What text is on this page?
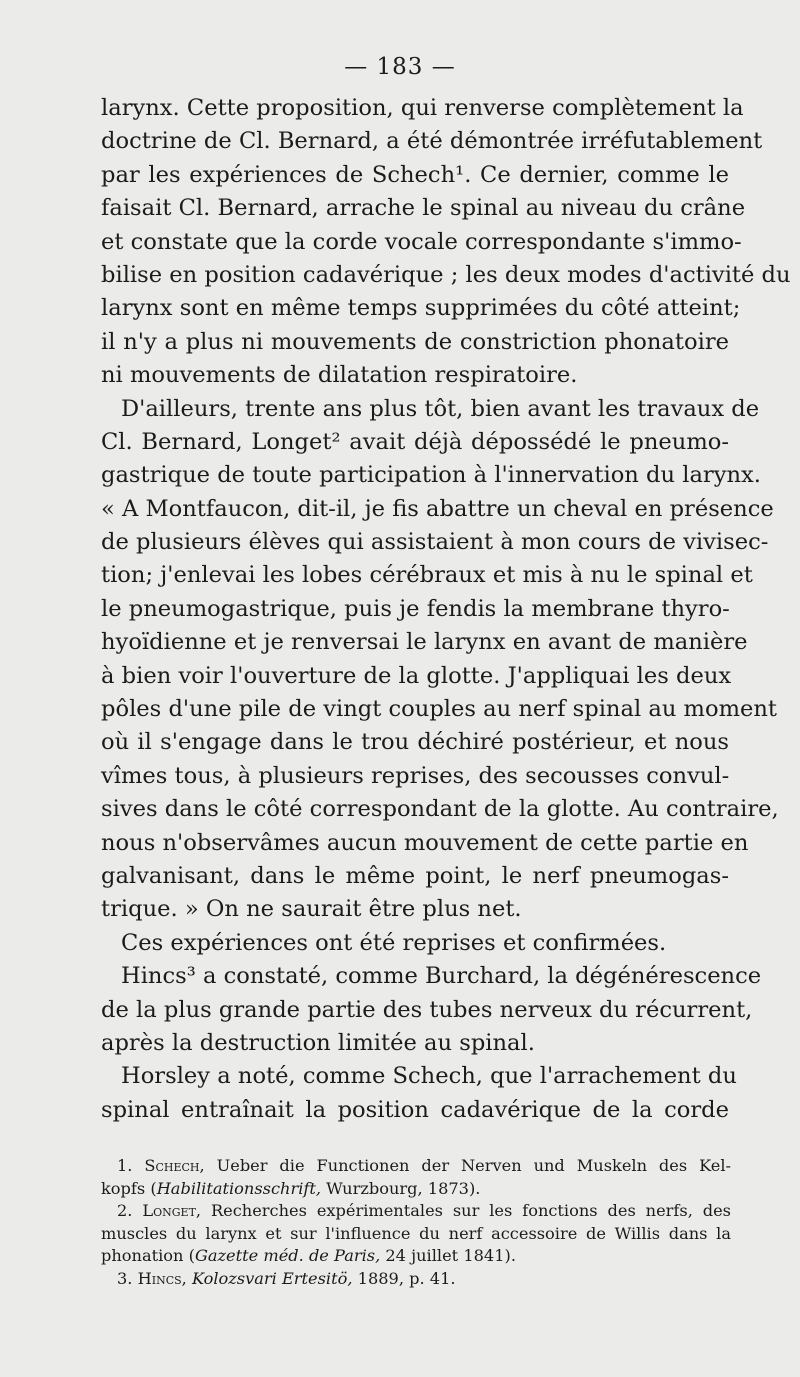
— 183 —
larynx. Cette proposition, qui renverse complètement la
doctrine de Cl. Bernard, a été démontrée irréfutablement
par les expériences de Schech¹. Ce dernier, comme le
faisait Cl. Bernard, arrache le spinal au niveau du crâne
et constate que la corde vocale correspondante s'immo-
bilise en position cadavérique ; les deux modes d'activité du
larynx sont en même temps supprimées du côté atteint;
il n'y a plus ni mouvements de constriction phonatoire
ni mouvements de dilatation respiratoire.
D'ailleurs, trente ans plus tôt, bien avant les travaux de
Cl. Bernard, Longet² avait déjà dépossédé le pneumo-
gastrique de toute participation à l'innervation du larynx.
« A Montfaucon, dit-il, je fis abattre un cheval en présence
de plusieurs élèves qui assistaient à mon cours de vivisec-
tion; j'enlevai les lobes cérébraux et mis à nu le spinal et
le pneumogastrique, puis je fendis la membrane thyro-
hyoïdienne et je renversai le larynx en avant de manière
à bien voir l'ouverture de la glotte. J'appliquai les deux
pôles d'une pile de vingt couples au nerf spinal au moment
où il s'engage dans le trou déchiré postérieur, et nous
vîmes tous, à plusieurs reprises, des secousses convul-
sives dans le côté correspondant de la glotte. Au contraire,
nous n'observâmes aucun mouvement de cette partie en
galvanisant, dans le même point, le nerf pneumogas-
trique. » On ne saurait être plus net.
Ces expériences ont été reprises et confirmées.
Hincs³ a constaté, comme Burchard, la dégénérescence
de la plus grande partie des tubes nerveux du récurrent,
après la destruction limitée au spinal.
Horsley a noté, comme Schech, que l'arrachement du
spinal entraînait la position cadavérique de la corde
1. Schech, Ueber die Functionen der Nerven und Muskeln des Kel-
kopfs (Habilitationsschrift, Wurzbourg, 1873).
2. Longet, Recherches expérimentales sur les fonctions des nerfs, des
muscles du larynx et sur l'influence du nerf accessoire de Willis dans la
phonation (Gazette méd. de Paris, 24 juillet 1841).
3. Hincs, Kolozsvari Ertesitö, 1889, p. 41.
